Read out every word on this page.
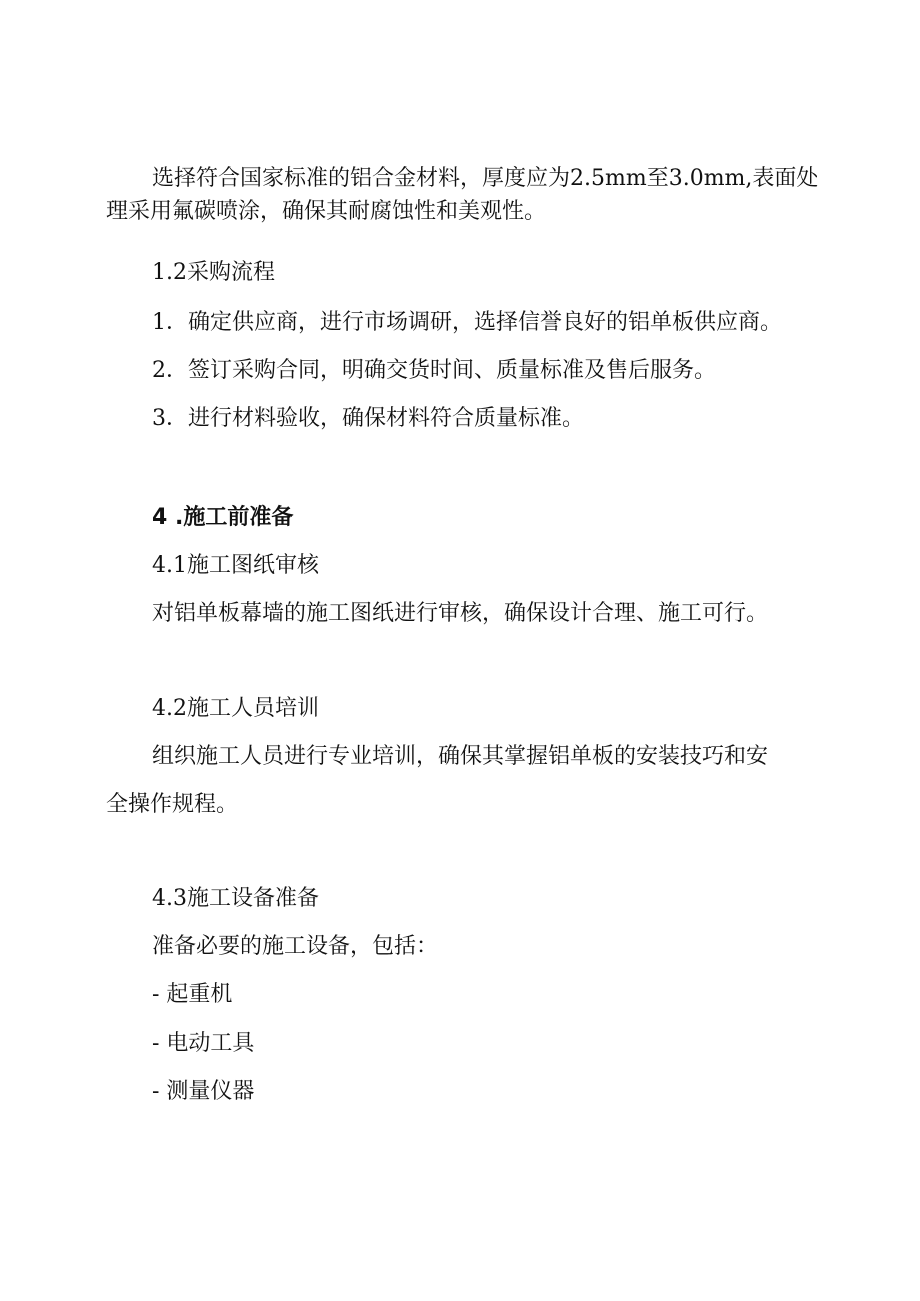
选择符合国家标准的铝合金材料，厚度应为2.5mm至3.0mm,表面处
理采用氟碳喷涂，确保其耐腐蚀性和美观性。
1.2采购流程
1．确定供应商，进行市场调研，选择信誉良好的铝单板供应商。
2．签订采购合同，明确交货时间、质量标准及售后服务。
3．进行材料验收，确保材料符合质量标准。
4 .施工前准备
4.1施工图纸审核
对铝单板幕墙的施工图纸进行审核，确保设计合理、施工可行。
4.2施工人员培训
组织施工人员进行专业培训，确保其掌握铝单板的安装技巧和安
全操作规程。
4.3施工设备准备
准备必要的施工设备，包括：
- 起重机
- 电动工具
- 测量仪器
